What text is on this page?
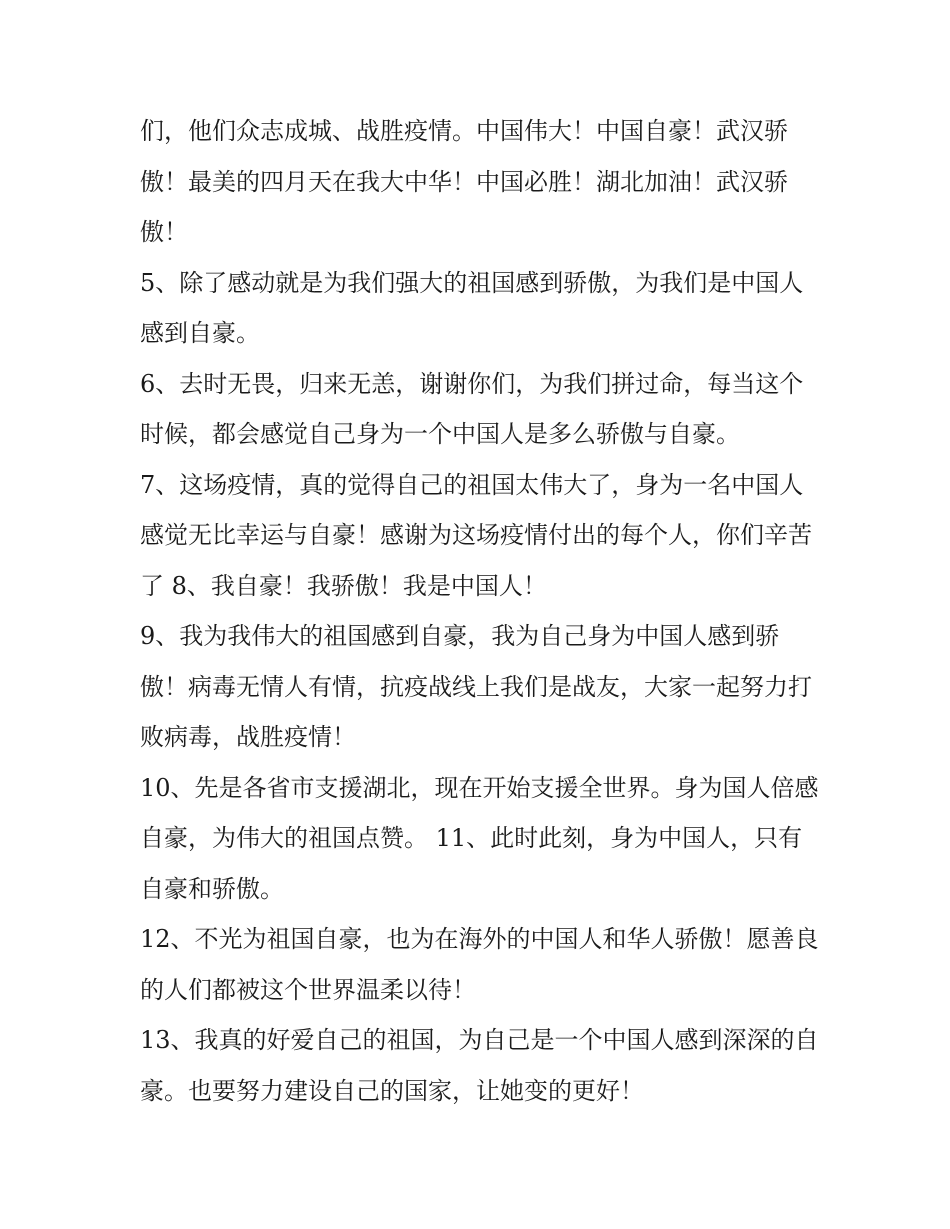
们，他们众志成城、战胜疫情。中国伟大！中国自豪！武汉骄傲！最美的四月天在我大中华！中国必胜！湖北加油！武汉骄傲！

5、除了感动就是为我们强大的祖国感到骄傲，为我们是中国人感到自豪。

6、去时无畏，归来无恙，谢谢你们，为我们拼过命，每当这个时候，都会感觉自己身为一个中国人是多么骄傲与自豪。

7、这场疫情，真的觉得自己的祖国太伟大了，身为一名中国人感觉无比幸运与自豪！感谢为这场疫情付出的每个人，你们辛苦了 8、我自豪！我骄傲！我是中国人！

9、我为我伟大的祖国感到自豪，我为自己身为中国人感到骄傲！病毒无情人有情，抗疫战线上我们是战友，大家一起努力打败病毒，战胜疫情！

10、先是各省市支援湖北，现在开始支援全世界。身为国人倍感自豪，为伟大的祖国点赞。 11、此时此刻，身为中国人，只有自豪和骄傲。

12、不光为祖国自豪，也为在海外的中国人和华人骄傲！愿善良的人们都被这个世界温柔以待！

13、我真的好爱自己的祖国，为自己是一个中国人感到深深的自豪。也要努力建设自己的国家，让她变的更好！
